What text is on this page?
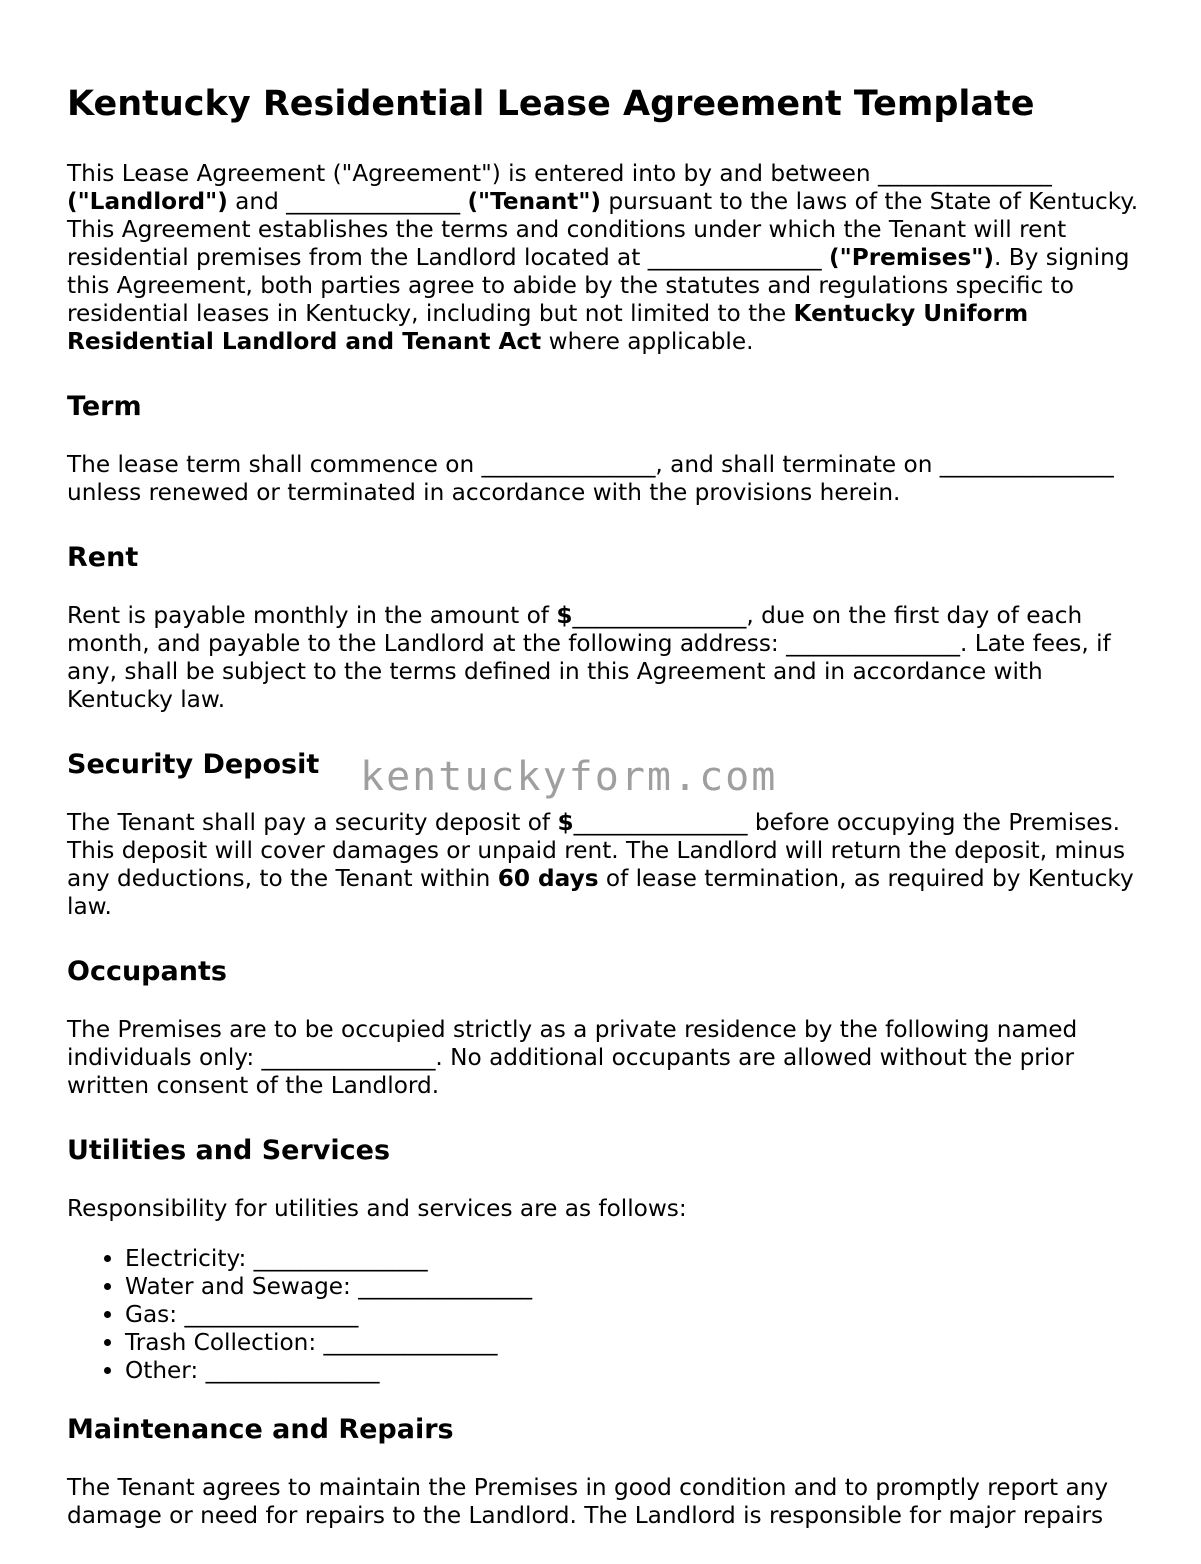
Kentucky Residential Lease Agreement Template

This Lease Agreement ("Agreement") is entered into by and between _______________ ("Landlord") and _______________ ("Tenant") pursuant to the laws of the State of Kentucky. This Agreement establishes the terms and conditions under which the Tenant will rent residential premises from the Landlord located at _______________ ("Premises"). By signing this Agreement, both parties agree to abide by the statutes and regulations specific to residential leases in Kentucky, including but not limited to the Kentucky Uniform Residential Landlord and Tenant Act where applicable.

Term

The lease term shall commence on _______________, and shall terminate on _______________ unless renewed or terminated in accordance with the provisions herein.

Rent

Rent is payable monthly in the amount of $_______________, due on the first day of each month, and payable to the Landlord at the following address: _______________. Late fees, if any, shall be subject to the terms defined in this Agreement and in accordance with Kentucky law.

Security Deposit

The Tenant shall pay a security deposit of $_______________ before occupying the Premises. This deposit will cover damages or unpaid rent. The Landlord will return the deposit, minus any deductions, to the Tenant within 60 days of lease termination, as required by Kentucky law.

Occupants

The Premises are to be occupied strictly as a private residence by the following named individuals only: _______________. No additional occupants are allowed without the prior written consent of the Landlord.

Utilities and Services

Responsibility for utilities and services are as follows:

• Electricity: _______________
• Water and Sewage: _______________
• Gas: _______________
• Trash Collection: _______________
• Other: _______________
Maintenance and Repairs

The Tenant agrees to maintain the Premises in good condition and to promptly report any damage or need for repairs to the Landlord. The Landlord is responsible for major repairs

kentuckyform.com
